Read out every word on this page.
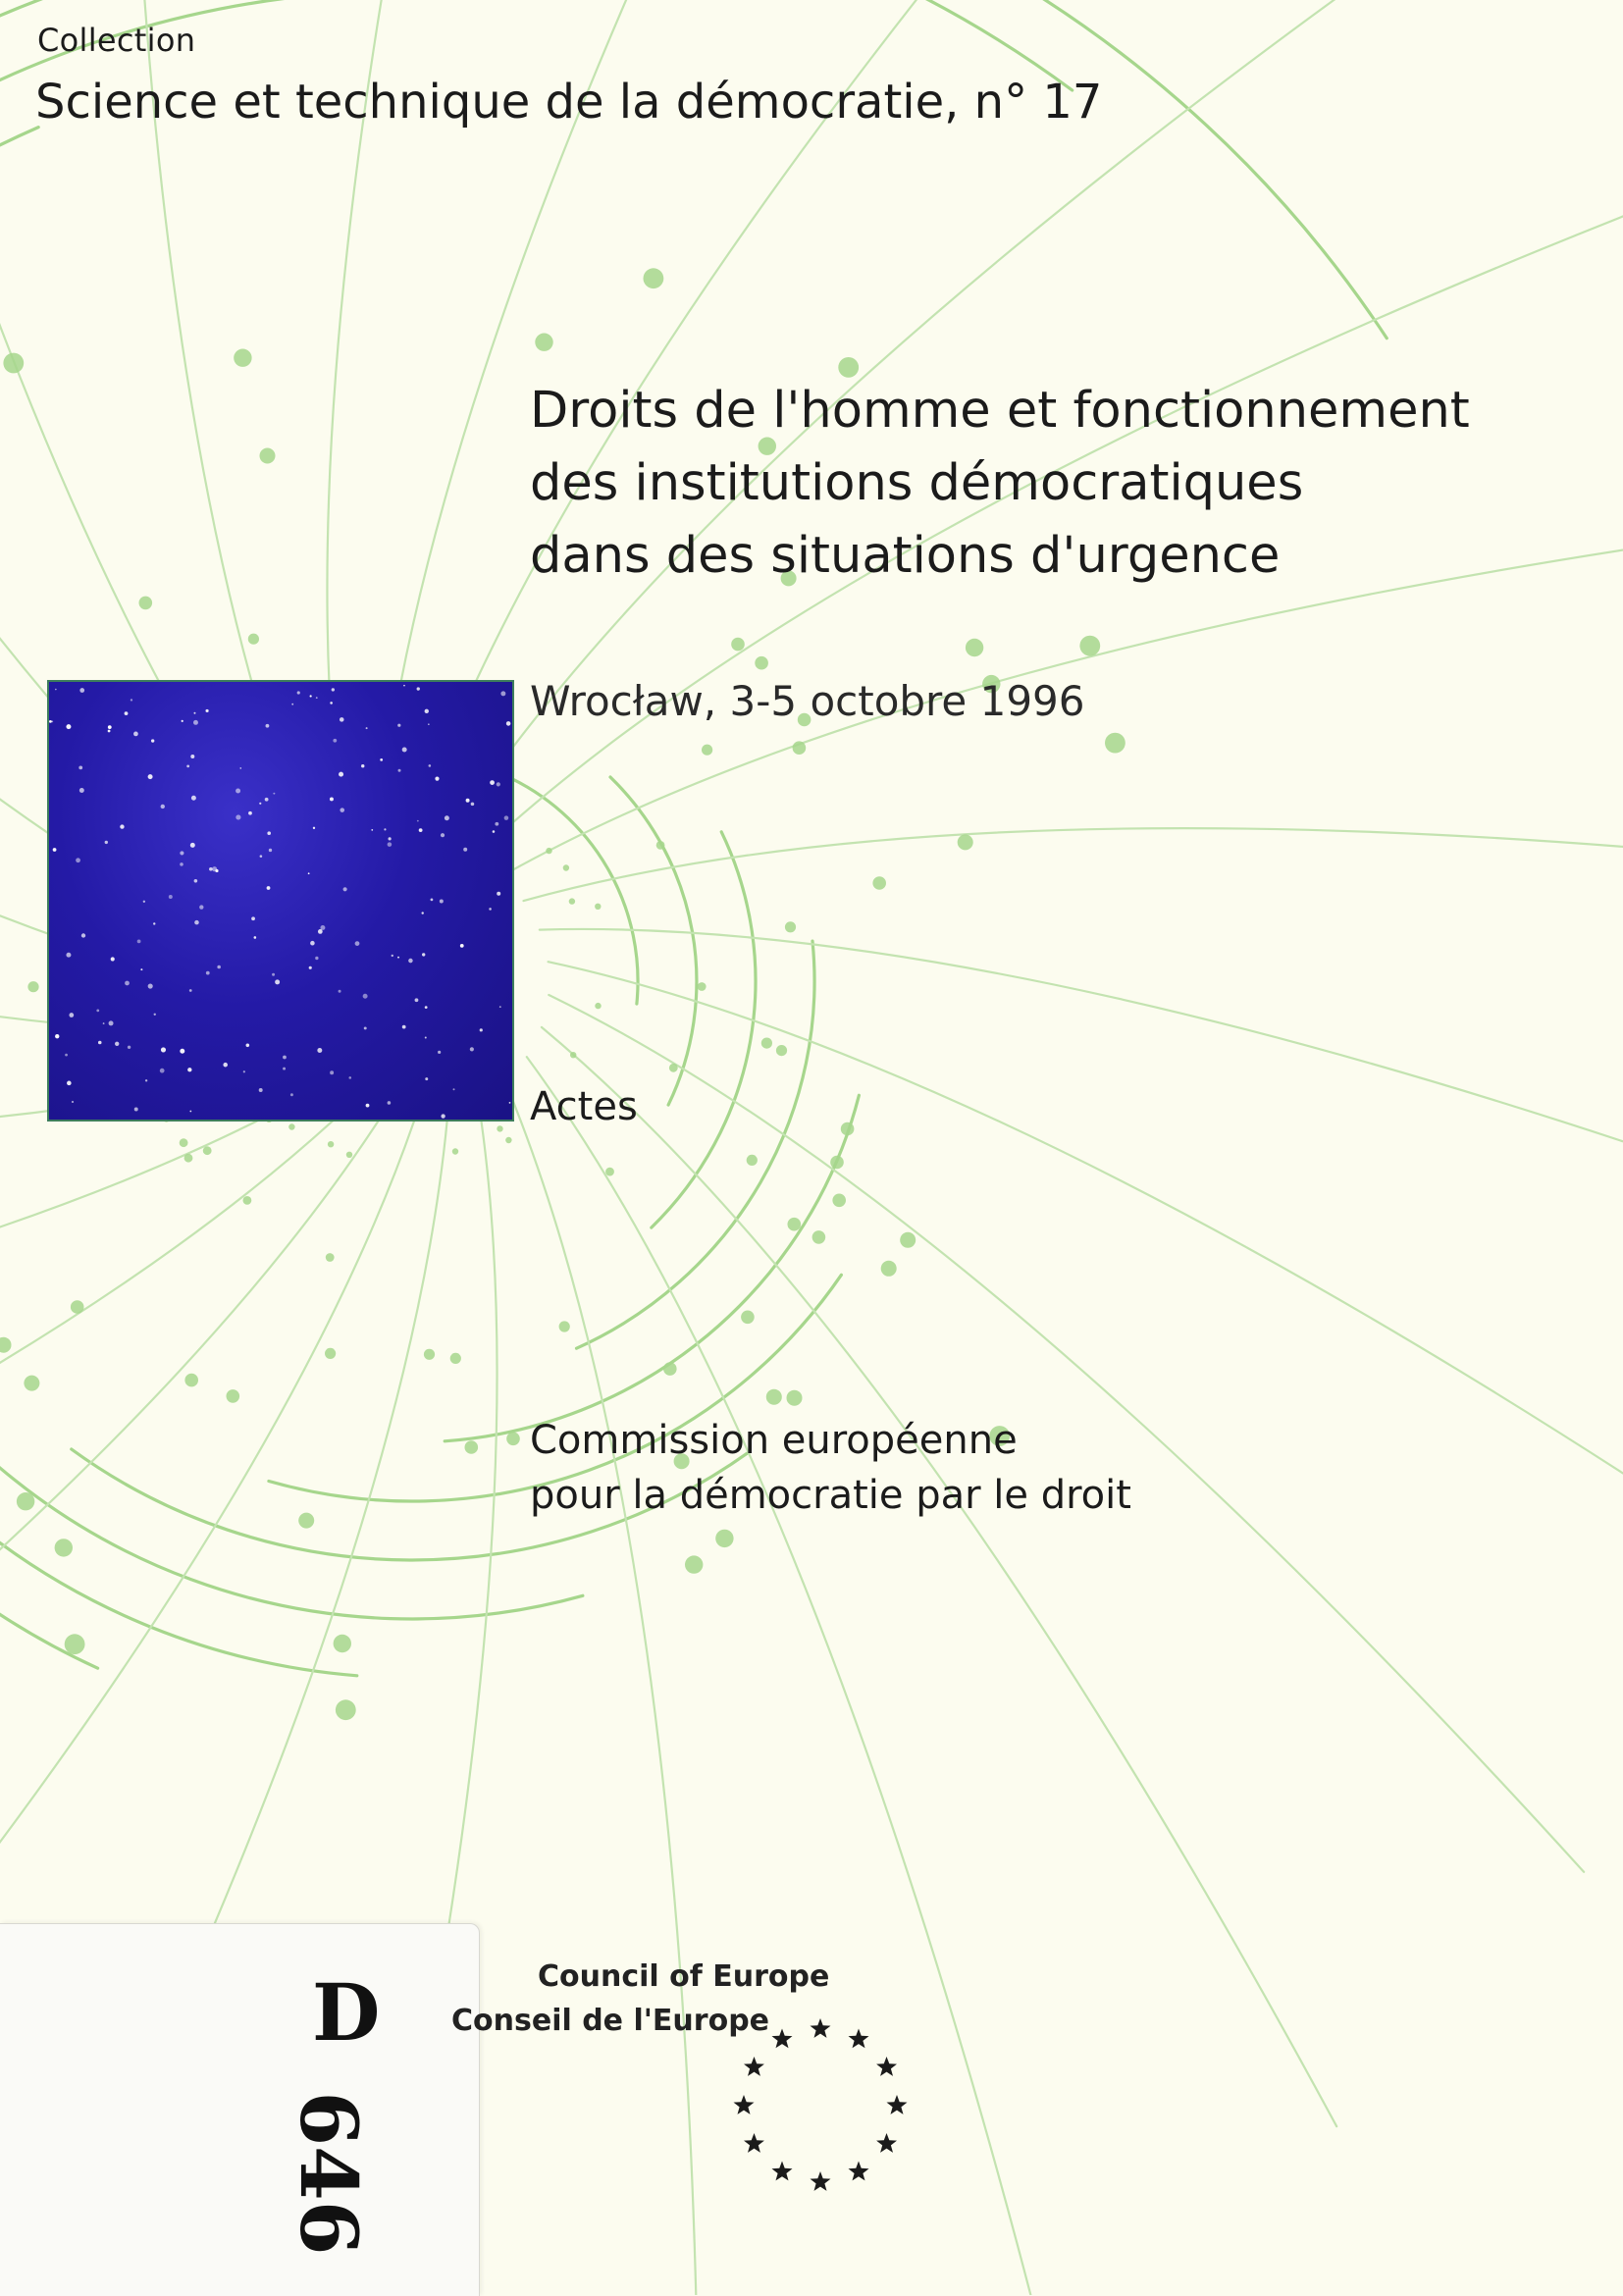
Collection
Science et technique de la démocratie, n° 17
Droits de l'homme et fonctionnement
des institutions démocratiques
dans des situations d'urgence
Wrocław, 3-5 octobre 1996
Actes
Commission européenne
pour la démocratie par le droit
D
646
Council of Europe
Conseil de l'Europe
